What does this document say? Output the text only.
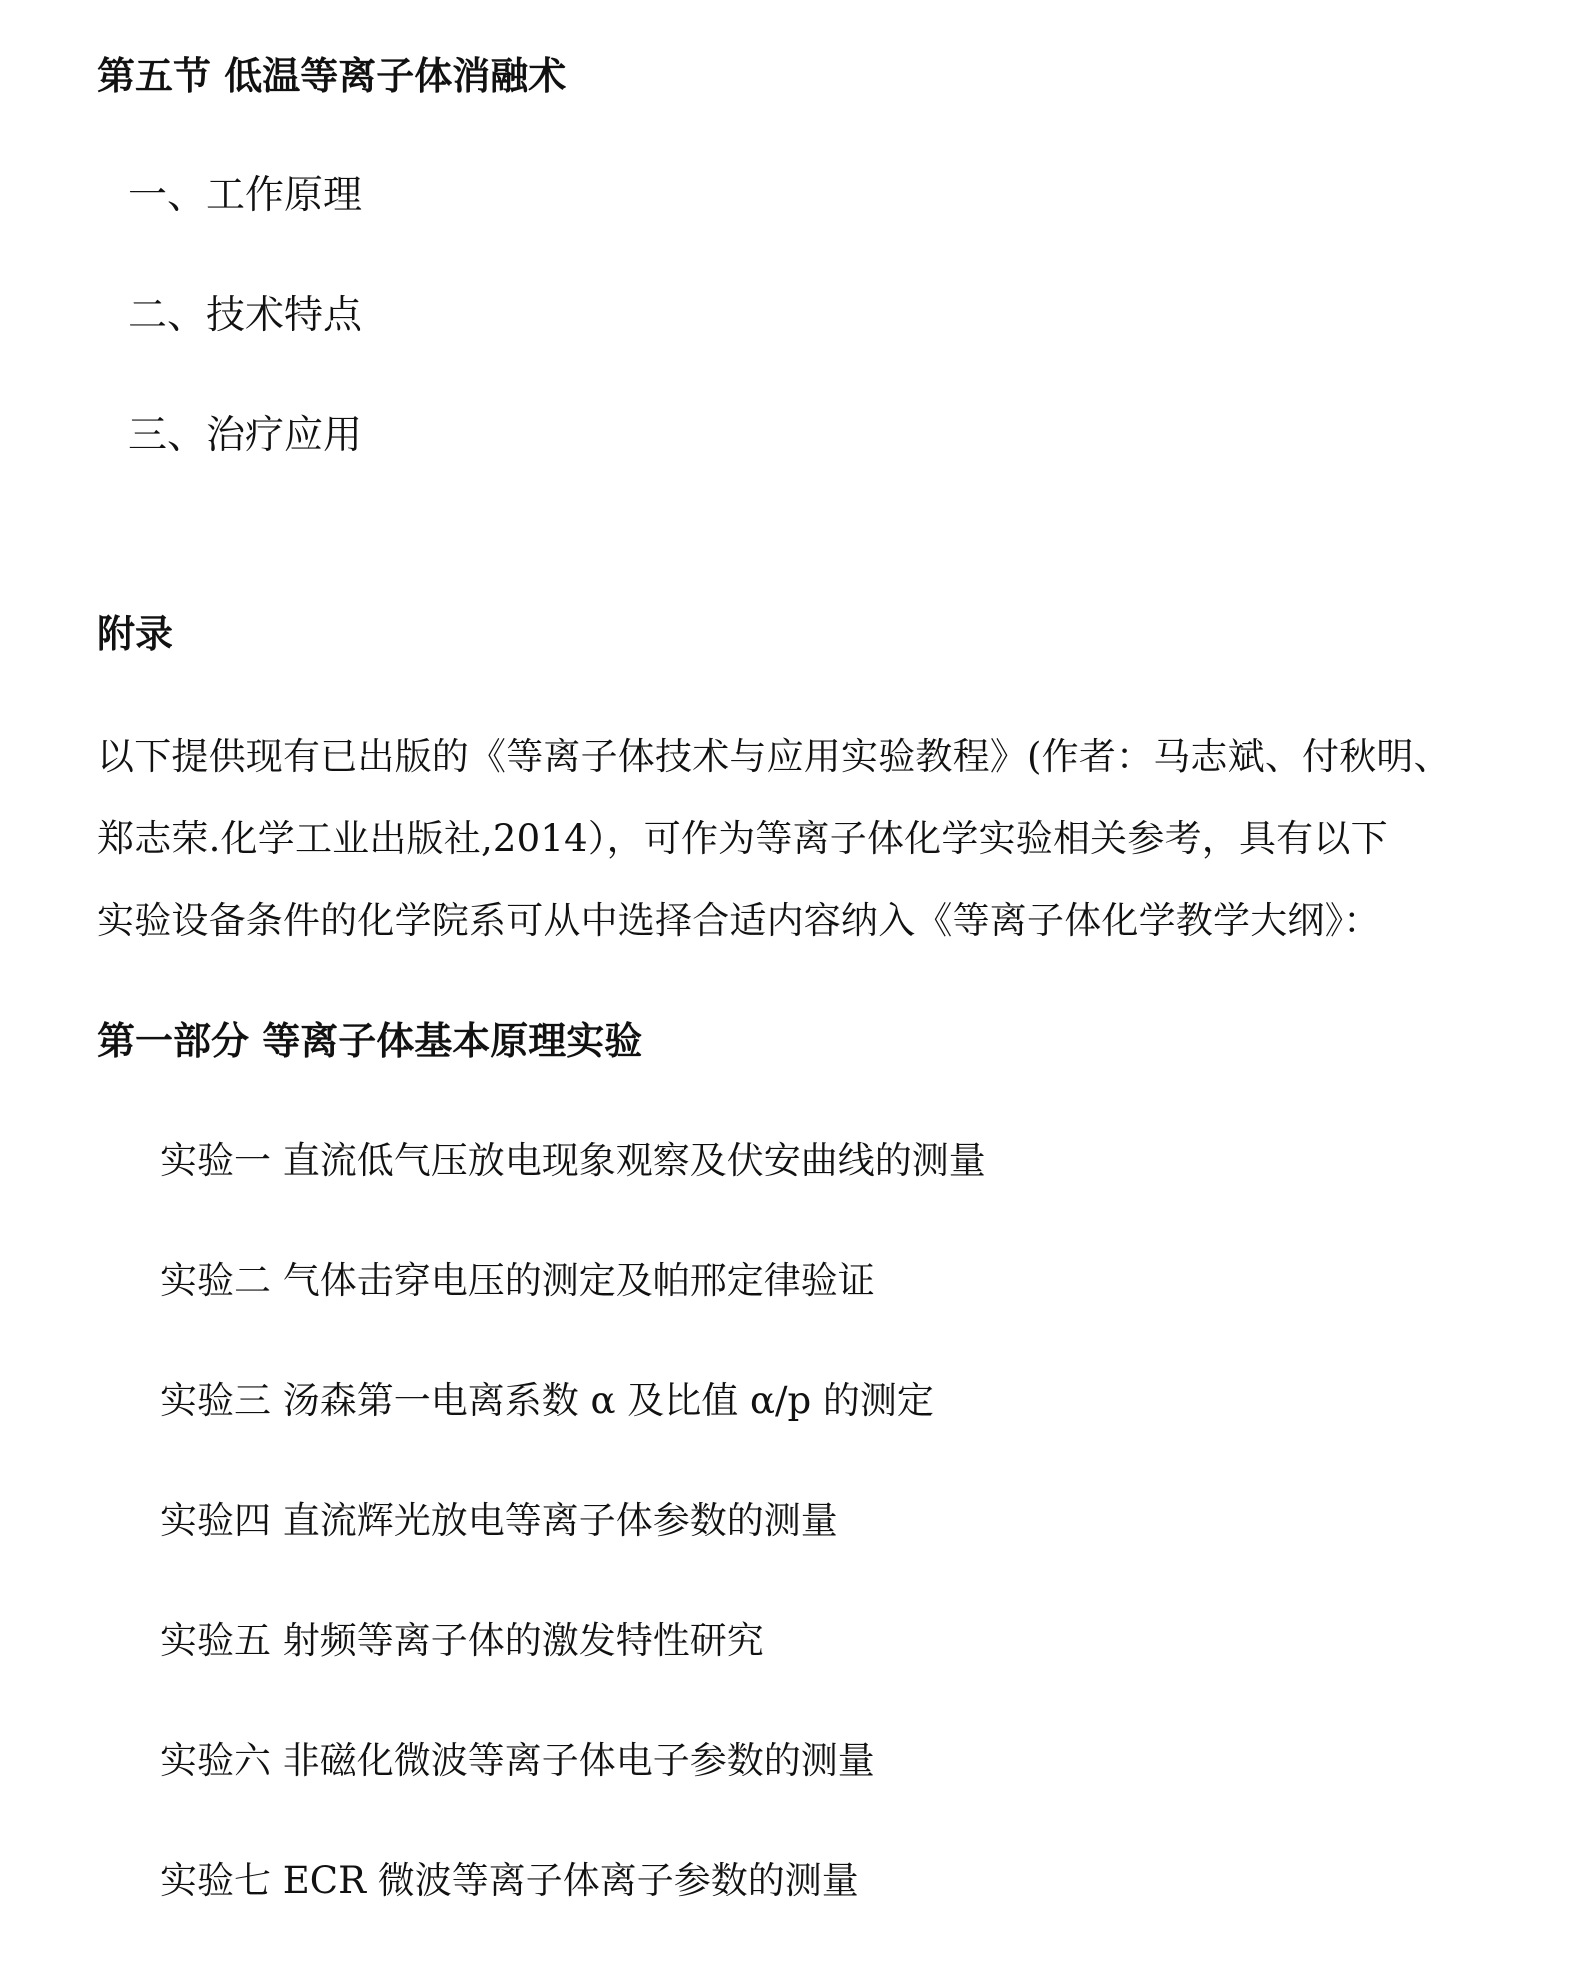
第五节 低温等离子体消融术
一、工作原理
二、技术特点
三、治疗应用
附录
以下提供现有已出版的《等离子体技术与应用实验教程》(作者：马志斌、付秋明、
郑志荣.化学工业出版社,2014），可作为等离子体化学实验相关参考，具有以下
实验设备条件的化学院系可从中选择合适内容纳入《等离子体化学教学大纲》：
第一部分 等离子体基本原理实验
实验一 直流低气压放电现象观察及伏安曲线的测量
实验二 气体击穿电压的测定及帕邢定律验证
实验三 汤森第一电离系数 α 及比值 α/p 的测定
实验四 直流辉光放电等离子体参数的测量
实验五 射频等离子体的激发特性研究
实验六 非磁化微波等离子体电子参数的测量
实验七 ECR 微波等离子体离子参数的测量
